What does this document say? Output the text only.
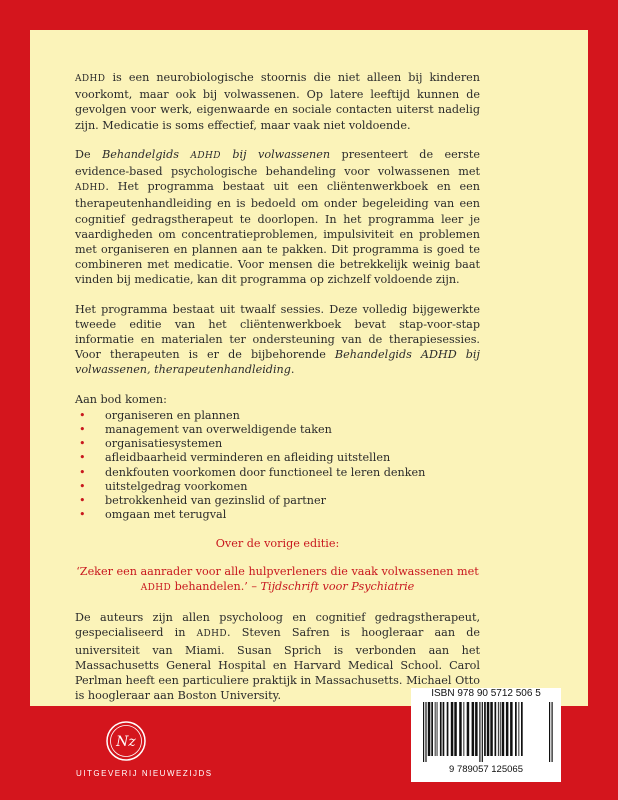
ADHD is een neurobiologische stoornis die niet alleen bij kinderen voorkomt, maar ook bij volwassenen. Op latere leeftijd kunnen de gevolgen voor werk, eigenwaarde en sociale contacten uiterst nadelig zijn. Medicatie is soms effectief, maar vaak niet voldoende.

De Behandelgids ADHD bij volwassenen presenteert de eerste evidence-based psychologische behandeling voor volwassenen met ADHD. Het programma bestaat uit een cliëntenwerkboek en een therapeutenhandleiding en is bedoeld om onder begeleiding van een cognitief gedragstherapeut te doorlopen. In het programma leer je vaardigheden om concentratieproblemen, impulsiviteit en problemen met organiseren en plannen aan te pakken. Dit programma is goed te combineren met medicatie. Voor mensen die betrekkelijk weinig baat vinden bij medicatie, kan dit programma op zichzelf voldoende zijn.

Het programma bestaat uit twaalf sessies. Deze volledig bijgewerkte tweede editie van het cliëntenwerkboek bevat stap-voor-stap informatie en materialen ter ondersteuning van de therapiesessies. Voor therapeuten is er de bijbehorende Behandelgids ADHD bij volwassenen, therapeutenhandleiding.

Aan bod komen:

• organiseren en plannen
• management van overweldigende taken
• organisatiesystemen
• afleidbaarheid verminderen en afleiding uitstellen
• denkfouten voorkomen door functioneel te leren denken
• uitstelgedrag voorkomen
• betrokkenheid van gezinslid of partner
• omgaan met terugval
Over de vorige editie:
‘Zeker een aanrader voor alle hulpverleners die vaak volwassenen met ADHD behandelen.’ – Tijdschrift voor Psychiatrie

De auteurs zijn allen psycholoog en cognitief gedragstherapeut, gespecialiseerd in ADHD. Steven Safren is hoogleraar aan de universiteit van Miami. Susan Sprich is verbonden aan het Massachusetts General Hospital en Harvard Medical School. Carol Perlman heeft een particuliere praktijk in Massachusetts. Michael Otto is hoogleraar aan Boston University.	ISBN 978 90 5712 506 5
9 789057 125065
Nz
UITGEVERIJ NIEUWEZIJDS
